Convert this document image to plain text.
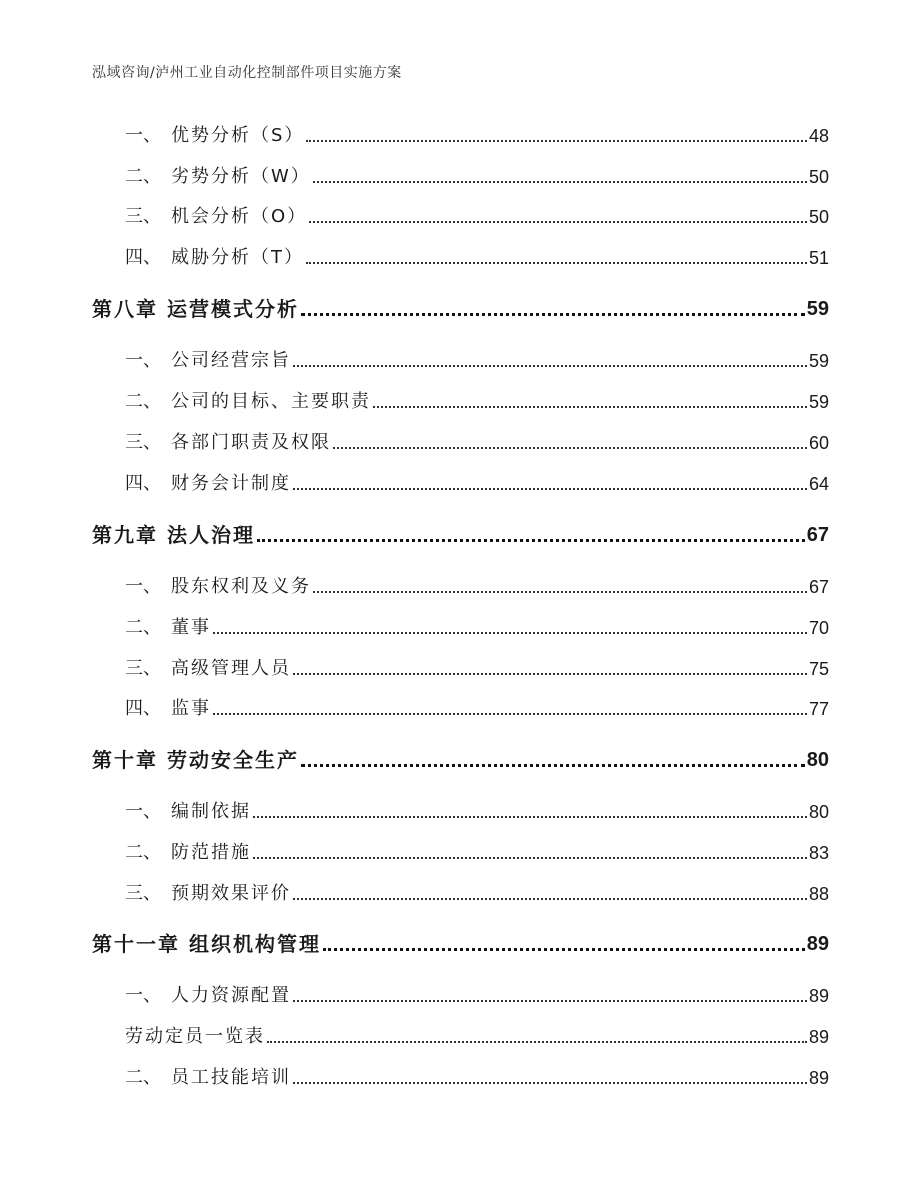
泓域咨询/泸州工业自动化控制部件项目实施方案
一、 优势分析（S）	48
二、 劣势分析（W）	50
三、 机会分析（O）	50
四、 威胁分析（T）	51
第八章 运营模式分析	59
一、 公司经营宗旨	59
二、 公司的目标、主要职责	59
三、 各部门职责及权限	60
四、 财务会计制度	64
第九章 法人治理	67
一、 股东权利及义务	67
二、 董事	70
三、 高级管理人员	75
四、 监事	77
第十章 劳动安全生产	80
一、 编制依据	80
二、 防范措施	83
三、 预期效果评价	88
第十一章 组织机构管理	89
一、 人力资源配置	89
劳动定员一览表	89
二、 员工技能培训	89
